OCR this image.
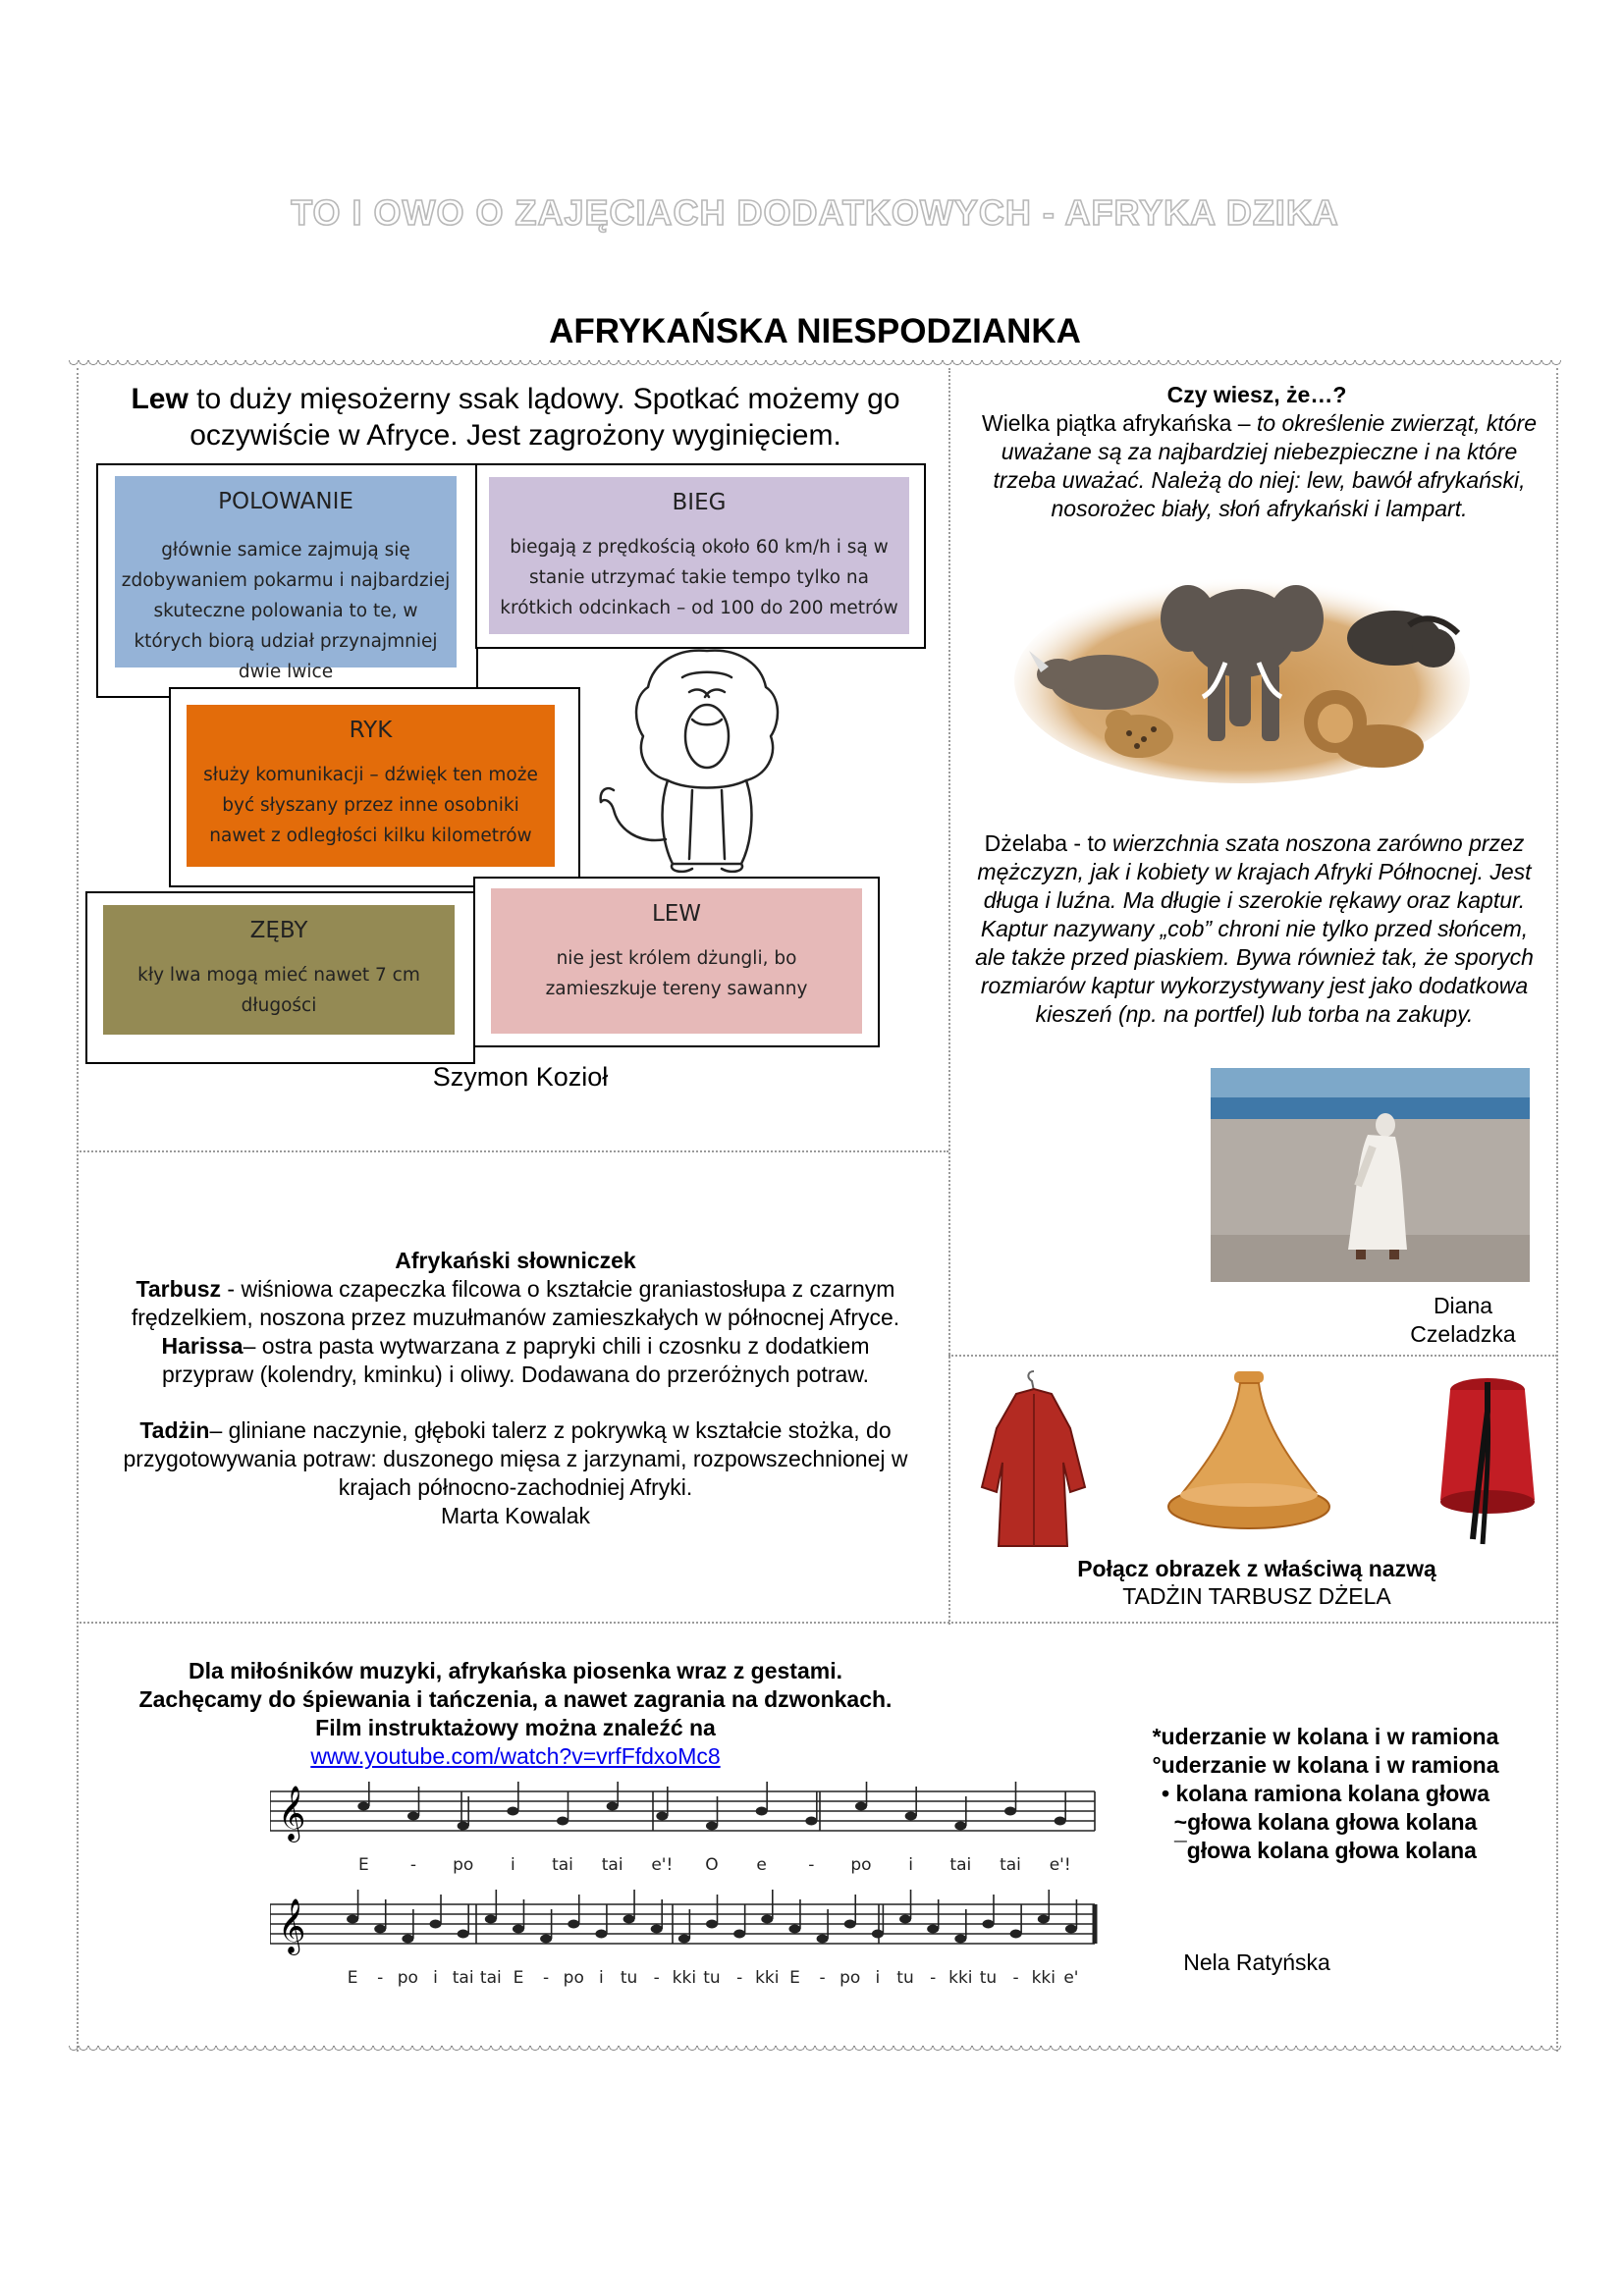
TO I OWO O ZAJĘCIACH DODATKOWYCH - AFRYKA DZIKA
AFRYKAŃSKA NIESPODZIANKA
Lew to duży mięsożerny ssak lądowy. Spotkać możemy go oczywiście w Afryce. Jest zagrożony wyginięciem.
POLOWANIE
głównie samice zajmują się zdobywaniem pokarmu i najbardziej skuteczne polowania to te, w których biorą udział przynajmniej dwie lwice
BIEG
biegają z prędkością około 60 km/h i są w stanie utrzymać takie tempo tylko na krótkich odcinkach – od 100 do 200 metrów
RYK
służy komunikacji – dźwięk ten może być słyszany przez inne osobniki nawet z odległości kilku kilometrów
ZĘBY
kły lwa mogą mieć nawet 7 cm długości
LEW
nie jest królem dżungli, bo zamieszkuje tereny sawanny
Szymon Kozioł
Czy wiesz, że…?
Wielka piątka afrykańska – to określenie zwierząt, które uważane są za najbardziej niebezpieczne i na które trzeba uważać. Należą do niej: lew, bawół afrykański, nosorożec biały, słoń afrykański i lampart.
Dżelaba - to wierzchnia szata noszona zarówno przez mężczyzn, jak i kobiety w krajach Afryki Północnej. Jest długa i luźna. Ma długie i szerokie rękawy oraz kaptur. Kaptur nazywany „cob” chroni nie tylko przed słońcem, ale także przed piaskiem. Bywa również tak, że sporych rozmiarów kaptur wykorzystywany jest jako dodatkowa kieszeń (np. na portfel) lub torba na zakupy.
Diana
Czeladzka
Afrykański słowniczek
Tarbusz - wiśniowa czapeczka filcowa o kształcie graniastosłupa z czarnym frędzelkiem, noszona przez muzułmanów zamieszkałych w północnej Afryce.
Harissa– ostra pasta wytwarzana z papryki chili i czosnku z dodatkiem przypraw (kolendry, kminku) i oliwy. Dodawana do przeróżnych potraw.
Tadżin– gliniane naczynie, głęboki talerz z pokrywką w kształcie stożka, do przygotowywania potraw: duszonego mięsa z jarzynami, rozpowszechnionej w krajach północno-zachodniej Afryki.
Marta Kowalak
Połącz obrazek z właściwą nazwą
TADŻIN TARBUSZ DŻELA
Dla miłośników muzyki, afrykańska piosenka wraz z gestami.
Zachęcamy do śpiewania i tańczenia, a nawet zagrania na dzwonkach.
Film instruktażowy można znaleźć na
www.youtube.com/watch?v=vrfFfdxoMc8
𝄞
𝄞
E - po i tai tai e'! O e - po i tai tai e'!
E - po i tai tai E - po i tu - kki tu - kki E - po i tu - kki tu - kki e'
*uderzanie w kolana i w ramiona
°uderzanie w kolana i w ramiona
• kolana ramiona kolana głowa
~głowa kolana głowa kolana
¯głowa kolana głowa kolana
Nela Ratyńska
